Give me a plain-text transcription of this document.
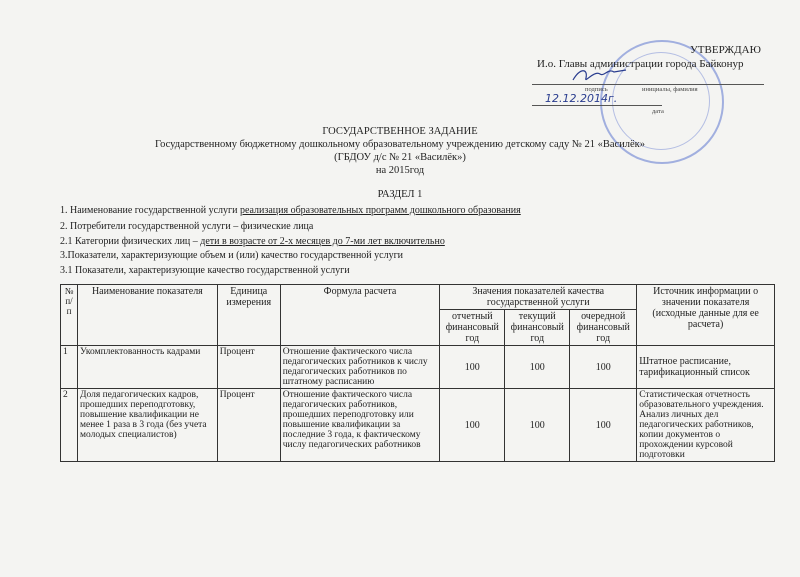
УТВЕРЖДАЮ
И.о. Главы администрации города Байконур
подпись	инициалы, фамилия
12.12.2014г.
дата
ГОСУДАРСТВЕННОЕ ЗАДАНИЕ
Государственному бюджетному дошкольному образовательному учреждению детскому саду № 21 «Василёк»
(ГБДОУ д/с № 21 «Василёк»)
на 2015год
РАЗДЕЛ 1
1. Наименование государственной услуги реализация образовательных программ дошкольного образования
2. Потребители государственной услуги – физические лица
2.1 Категории физических лиц – дети в возрасте от 2-х месяцев до 7-ми лет включительно
3.Показатели, характеризующие объем и (или) качество государственной услуги
3.1 Показатели, характеризующие качество государственной услуги
№ п/п	Наименование показателя	Единица измерения	Формула расчета	Значения показателей качества государственной услуги			Источник информации о значении показателя (исходные данные для ее расчета)
				отчетный финансовый год	текущий финансовый год	очередной финансовый год	
1	Укомплектованность кадрами	Процент	Отношение фактического числа педагогических работников к числу педагогических работников по штатному расписанию	100	100	100	Штатное расписание, тарификационный список
2	Доля педагогических кадров, прошедших переподготовку, повышение квалификации не менее 1 раза в 3 года (без учета молодых специалистов)	Процент	Отношение фактического числа педагогических работников, прошедших переподготовку или повышение квалификации за последние 3 года, к фактическому числу педагогических работников	100	100	100	Статистическая отчетность образовательного учреждения. Анализ личных дел педагогических работников, копии документов о прохождении курсовой подготовки
